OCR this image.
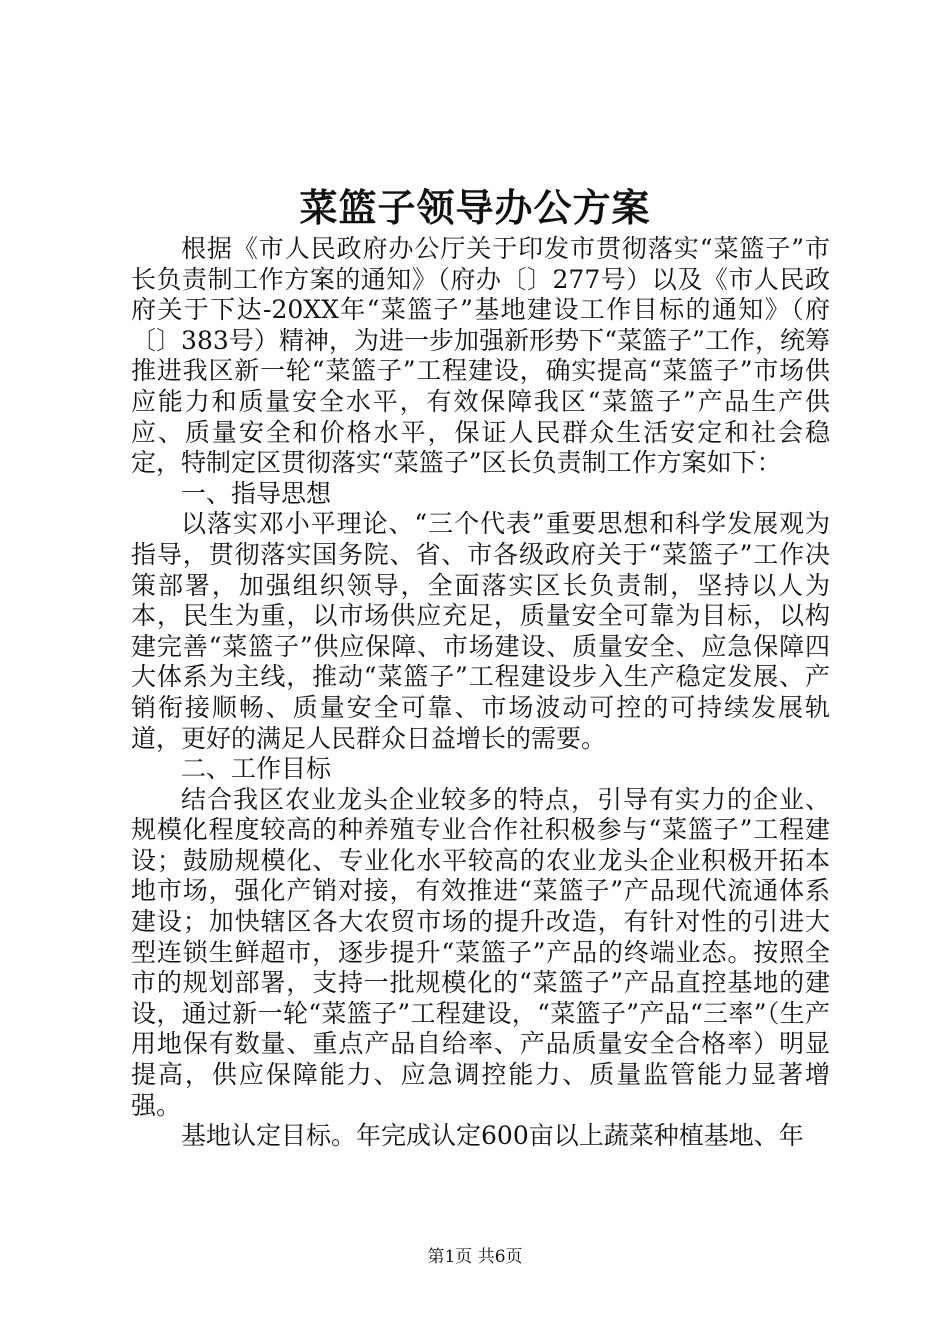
菜篮子领导办公方案

根据《市人民政府办公厅关于印发市贯彻落实“菜篮子”市长负责制工作方案的通知》（府办〔〕277号）以及《市人民政府关于下达-20XX年“菜篮子”基地建设工作目标的通知》（府〔〕383号）精神，为进一步加强新形势下“菜篮子”工作，统筹推进我区新一轮“菜篮子”工程建设，确实提高“菜篮子”市场供应能力和质量安全水平，有效保障我区“菜篮子”产品生产供应、质量安全和价格水平，保证人民群众生活安定和社会稳定，特制定区贯彻落实“菜篮子”区长负责制工作方案如下：

一、指导思想

以落实邓小平理论、“三个代表”重要思想和科学发展观为指导，贯彻落实国务院、省、市各级政府关于“菜篮子”工作决策部署，加强组织领导，全面落实区长负责制，坚持以人为本，民生为重，以市场供应充足，质量安全可靠为目标，以构建完善“菜篮子”供应保障、市场建设、质量安全、应急保障四大体系为主线，推动“菜篮子”工程建设步入生产稳定发展、产销衔接顺畅、质量安全可靠、市场波动可控的可持续发展轨道，更好的满足人民群众日益增长的需要。

二、工作目标

结合我区农业龙头企业较多的特点，引导有实力的企业、规模化程度较高的种养殖专业合作社积极参与“菜篮子”工程建设；鼓励规模化、专业化水平较高的农业龙头企业积极开拓本地市场，强化产销对接，有效推进“菜篮子”产品现代流通体系建设；加快辖区各大农贸市场的提升改造，有针对性的引进大型连锁生鲜超市，逐步提升“菜篮子”产品的终端业态。按照全市的规划部署，支持一批规模化的“菜篮子”产品直控基地的建设，通过新一轮“菜篮子”工程建设，“菜篮子”产品“三率”（生产用地保有数量、重点产品自给率、产品质量安全合格率）明显提高，供应保障能力、应急调控能力、质量监管能力显著增强。

基地认定目标。年完成认定600亩以上蔬菜种植基地、年

第1页 共6页
